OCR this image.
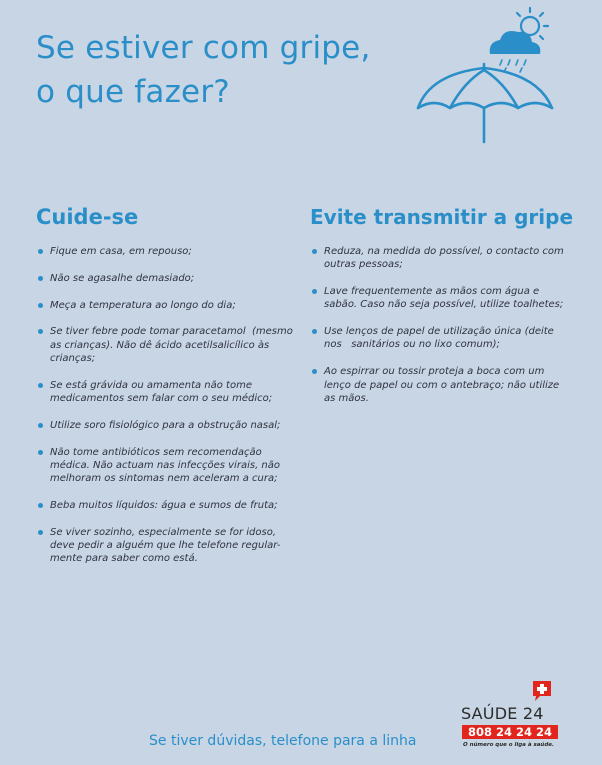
Se estiver com gripe,
o que fazer?
Cuide-se
Fique em casa, em repouso;
Não se agasalhe demasiado;
Meça a temperatura ao longo do dia;
Se tiver febre pode tomar paracetamol  (mesmo
as crianças). Não dê ácido acetilsalicílico às
crianças;
Se está grávida ou amamenta não tome
medicamentos sem falar com o seu médico;
Utilize soro fisiológico para a obstrução nasal;
Não tome antibióticos sem recomendação
médica. Não actuam nas infecções virais, não
melhoram os sintomas nem aceleram a cura;
Beba muitos líquidos: água e sumos de fruta;
Se viver sozinho, especialmente se for idoso,
deve pedir a alguém que lhe telefone regular-
mente para saber como está.
Evite transmitir a gripe
Reduza, na medida do possível, o contacto com
outras pessoas;
Lave frequentemente as mãos com água e
sabão. Caso não seja possível, utilize toalhetes;
Use lenços de papel de utilização única (deite
nos   sanitários ou no lixo comum);
Ao espirrar ou tossir proteja a boca com um
lenço de papel ou com o antebraço; não utilize
as mãos.
Se tiver dúvidas, telefone para a linha
SAÚDE 24
808 24 24 24
O número que o liga à saúde.
